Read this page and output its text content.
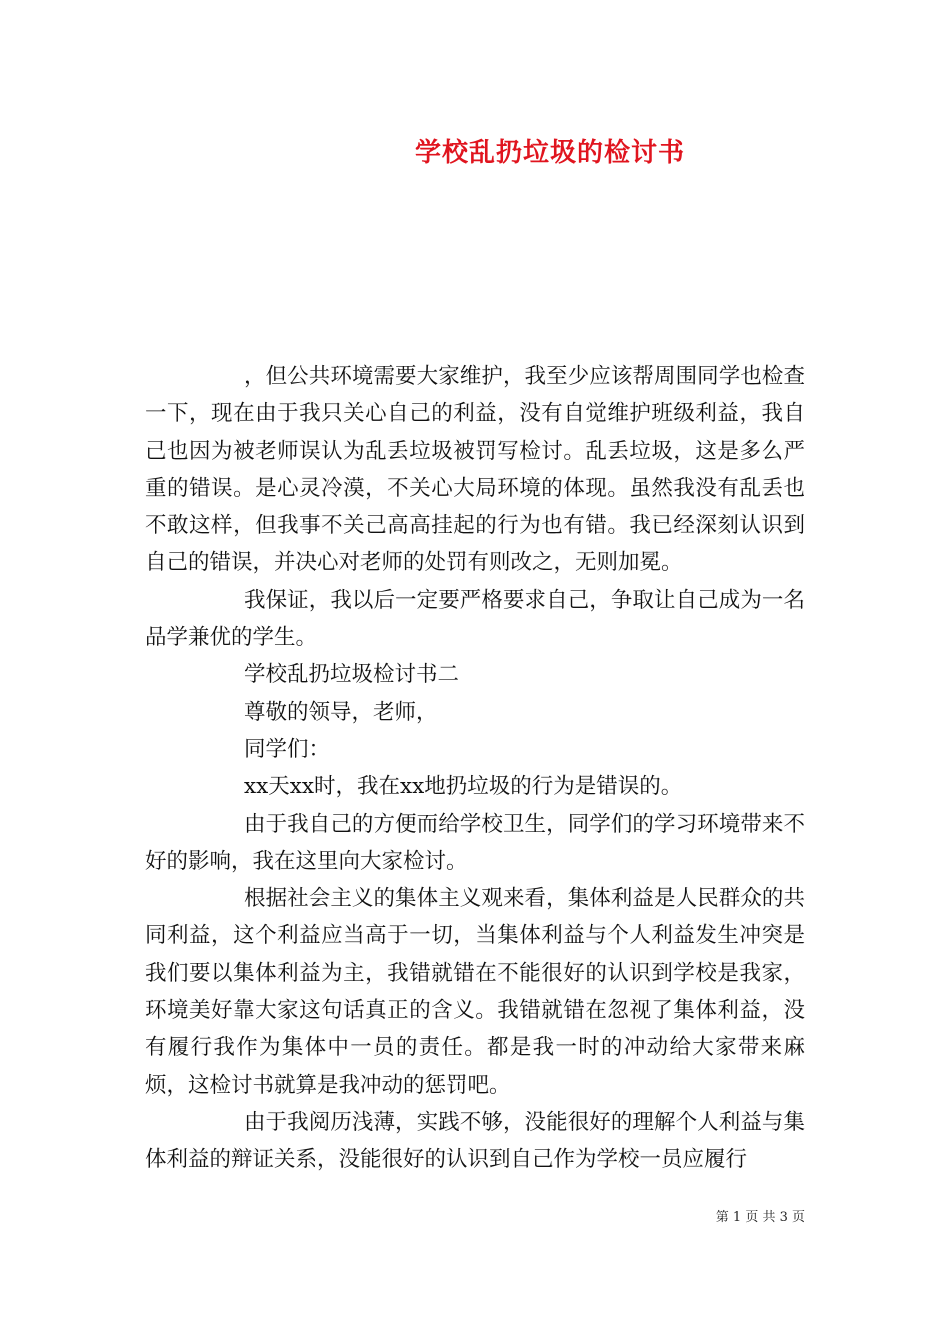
学校乱扔垃圾的检讨书

，但公共环境需要大家维护，我至少应该帮周围同学也检查一下，现在由于我只关心自己的利益，没有自觉维护班级利益，我自己也因为被老师误认为乱丢垃圾被罚写检讨。乱丢垃圾，这是多么严重的错误。是心灵冷漠，不关心大局环境的体现。虽然我没有乱丢也不敢这样，但我事不关己高高挂起的行为也有错。我已经深刻认识到自己的错误，并决心对老师的处罚有则改之，无则加冕。

我保证，我以后一定要严格要求自己，争取让自己成为一名品学兼优的学生。

学校乱扔垃圾检讨书二

尊敬的领导，老师，

同学们：

xx天xx时，我在xx地扔垃圾的行为是错误的。

由于我自己的方便而给学校卫生，同学们的学习环境带来不好的影响，我在这里向大家检讨。

根据社会主义的集体主义观来看，集体利益是人民群众的共同利益，这个利益应当高于一切，当集体利益与个人利益发生冲突是我们要以集体利益为主，我错就错在不能很好的认识到学校是我家，环境美好靠大家这句话真正的含义。我错就错在忽视了集体利益，没有履行我作为集体中一员的责任。都是我一时的冲动给大家带来麻烦，这检讨书就算是我冲动的惩罚吧。

由于我阅历浅薄，实践不够，没能很好的理解个人利益与集体利益的辩证关系，没能很好的认识到自己作为学校一员应履行

第 1 页 共 3 页
